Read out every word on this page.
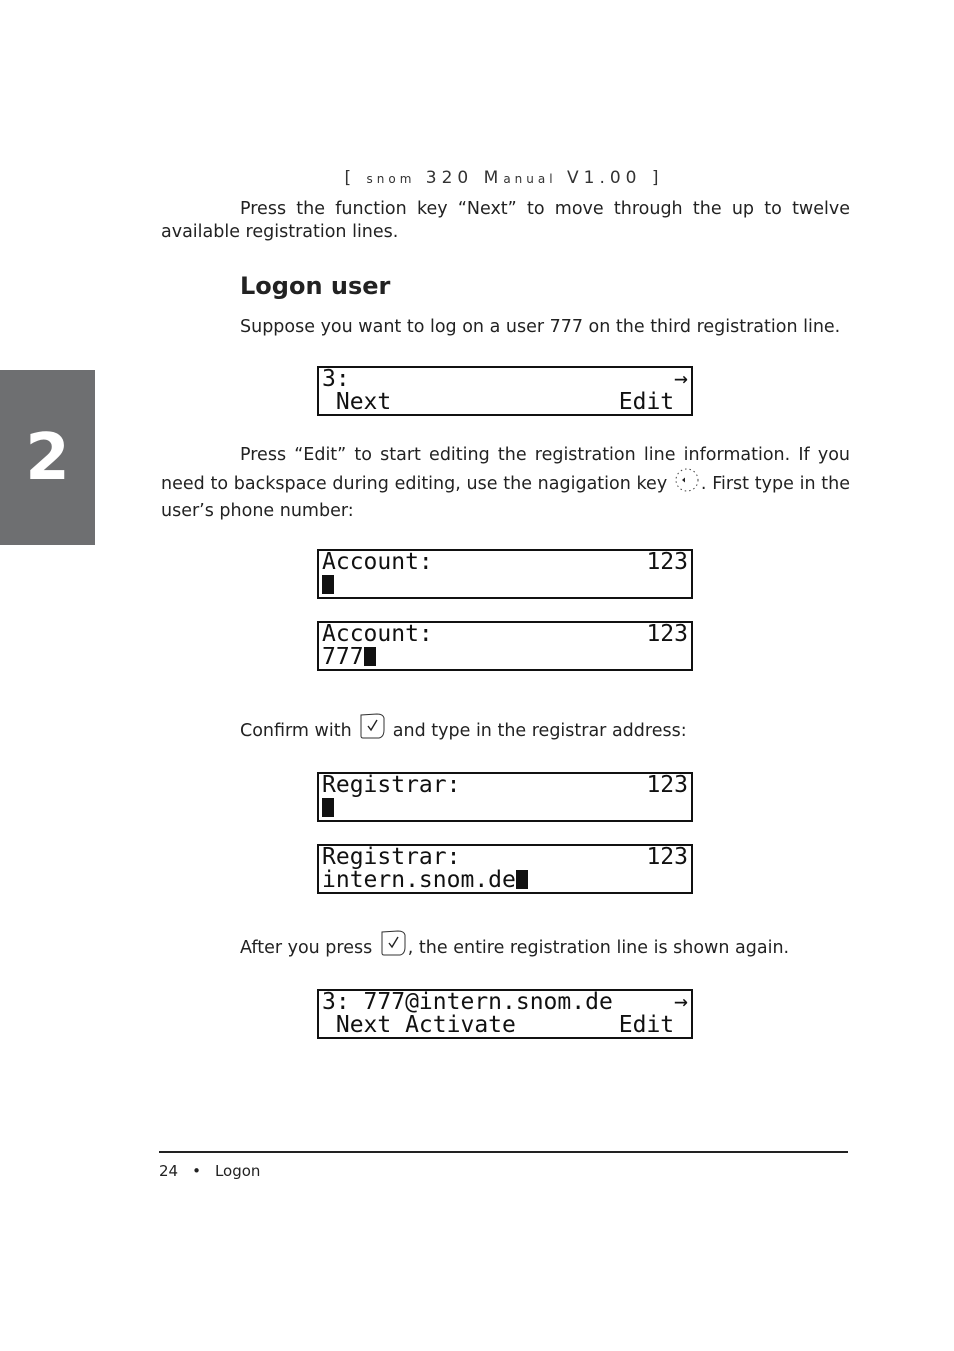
[ snom 320 Manual V1.00 ]
2
Press the function key “Next” to move through the up to twelve available registration lines.
Logon user
Suppose you want to log on a user 777 on the third registration line.
3:	→
Next	Edit
Press “Edit” to start editing the registration line information. If you need to backspace during editing, use the nagigation key . First type in the user’s phone number:
Account:	123
Account:	123
777
Confirm with  and type in the registrar address:
Registrar:	123
Registrar:	123
intern.snom.de
After you press , the entire registration line is shown again.
3: 777@intern.snom.de	→
Next Activate	Edit
24 • Logon
